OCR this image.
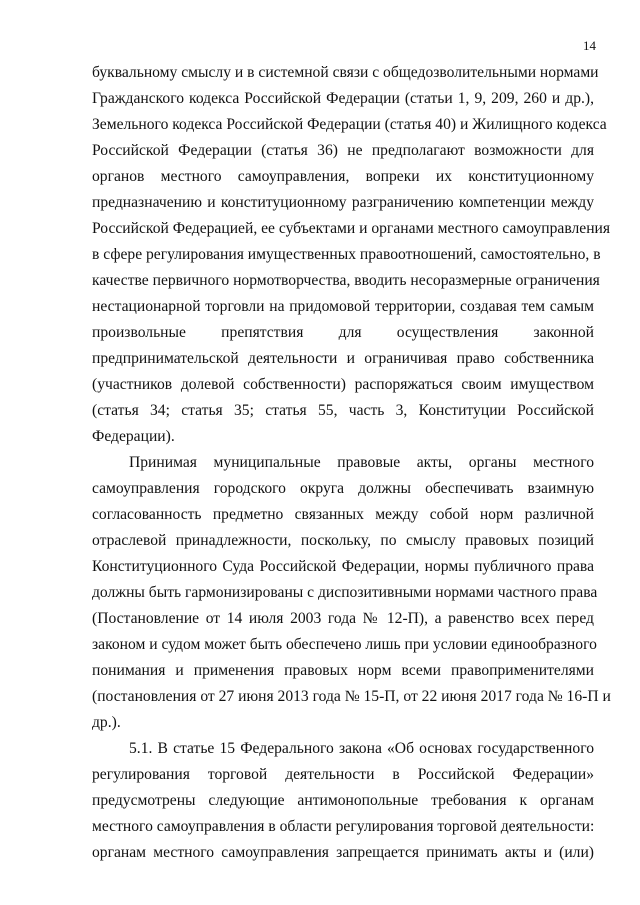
14
буквальному смыслу и в системной связи с общедозволительными нормами
Гражданского кодекса Российской Федерации (статьи 1, 9, 209, 260 и др.),
Земельного кодекса Российской Федерации (статья 40) и Жилищного кодекса
Российской Федерации (статья 36) не предполагают возможности для
органов местного самоуправления, вопреки их конституционному
предназначению и конституционному разграничению компетенции между
Российской Федерацией, ее субъектами и органами местного самоуправления
в сфере регулирования имущественных правоотношений, самостоятельно, в
качестве первичного нормотворчества, вводить несоразмерные ограничения
нестационарной торговли на придомовой территории, создавая тем самым
произвольные препятствия для осуществления законной
предпринимательской деятельности и ограничивая право собственника
(участников долевой собственности) распоряжаться своим имуществом
(статья 34; статья 35; статья 55, часть 3, Конституции Российской
Федерации).
Принимая муниципальные правовые акты, органы местного
самоуправления городского округа должны обеспечивать взаимную
согласованность предметно связанных между собой норм различной
отраслевой принадлежности, поскольку, по смыслу правовых позиций
Конституционного Суда Российской Федерации, нормы публичного права
должны быть гармонизированы с диспозитивными нормами частного права
(Постановление от 14 июля 2003 года № 12-П), а равенство всех перед
законом и судом может быть обеспечено лишь при условии единообразного
понимания и применения правовых норм всеми правоприменителями
(постановления от 27 июня 2013 года № 15-П, от 22 июня 2017 года № 16-П и
др.).
5.1. В статье 15 Федерального закона «Об основах государственного
регулирования торговой деятельности в Российской Федерации»
предусмотрены следующие антимонопольные требования к органам
местного самоуправления в области регулирования торговой деятельности:
органам местного самоуправления запрещается принимать акты и (или)
